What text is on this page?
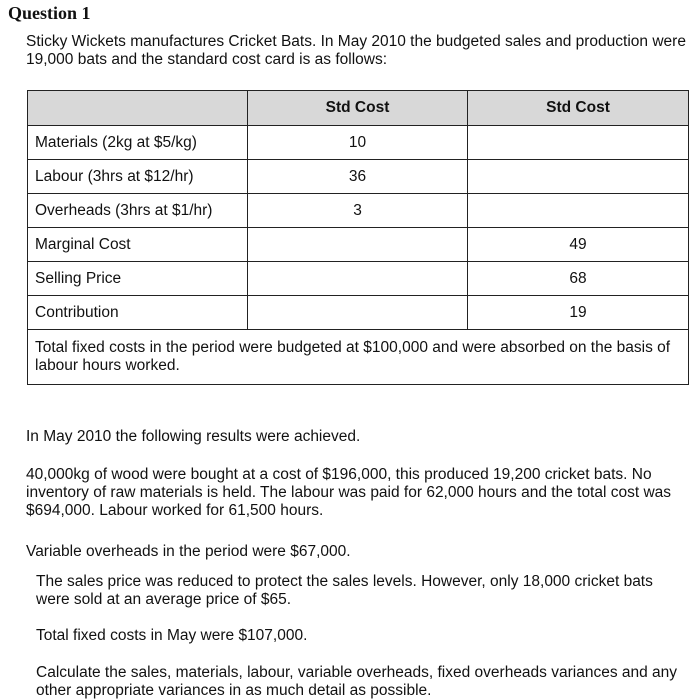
Question 1
Sticky Wickets manufactures Cricket Bats. In May 2010 the budgeted sales and production were 19,000 bats and the standard cost card is as follows:
	Std Cost	Std Cost
Materials (2kg at $5/kg)	10	
Labour (3hrs at $12/hr)	36	
Overheads (3hrs at $1/hr)	3	
Marginal Cost		49
Selling Price		68
Contribution		19
Total fixed costs in the period were budgeted at $100,000 and were absorbed on the basis of labour hours worked.		
In May 2010 the following results were achieved.
40,000kg of wood were bought at a cost of $196,000, this produced 19,200 cricket bats. No inventory of raw materials is held. The labour was paid for 62,000 hours and the total cost was $694,000. Labour worked for 61,500 hours.
Variable overheads in the period were $67,000.
The sales price was reduced to protect the sales levels. However, only 18,000 cricket bats were sold at an average price of $65.
Total fixed costs in May were $107,000.
Calculate the sales, materials, labour, variable overheads, fixed overheads variances and any other appropriate variances in as much detail as possible.
